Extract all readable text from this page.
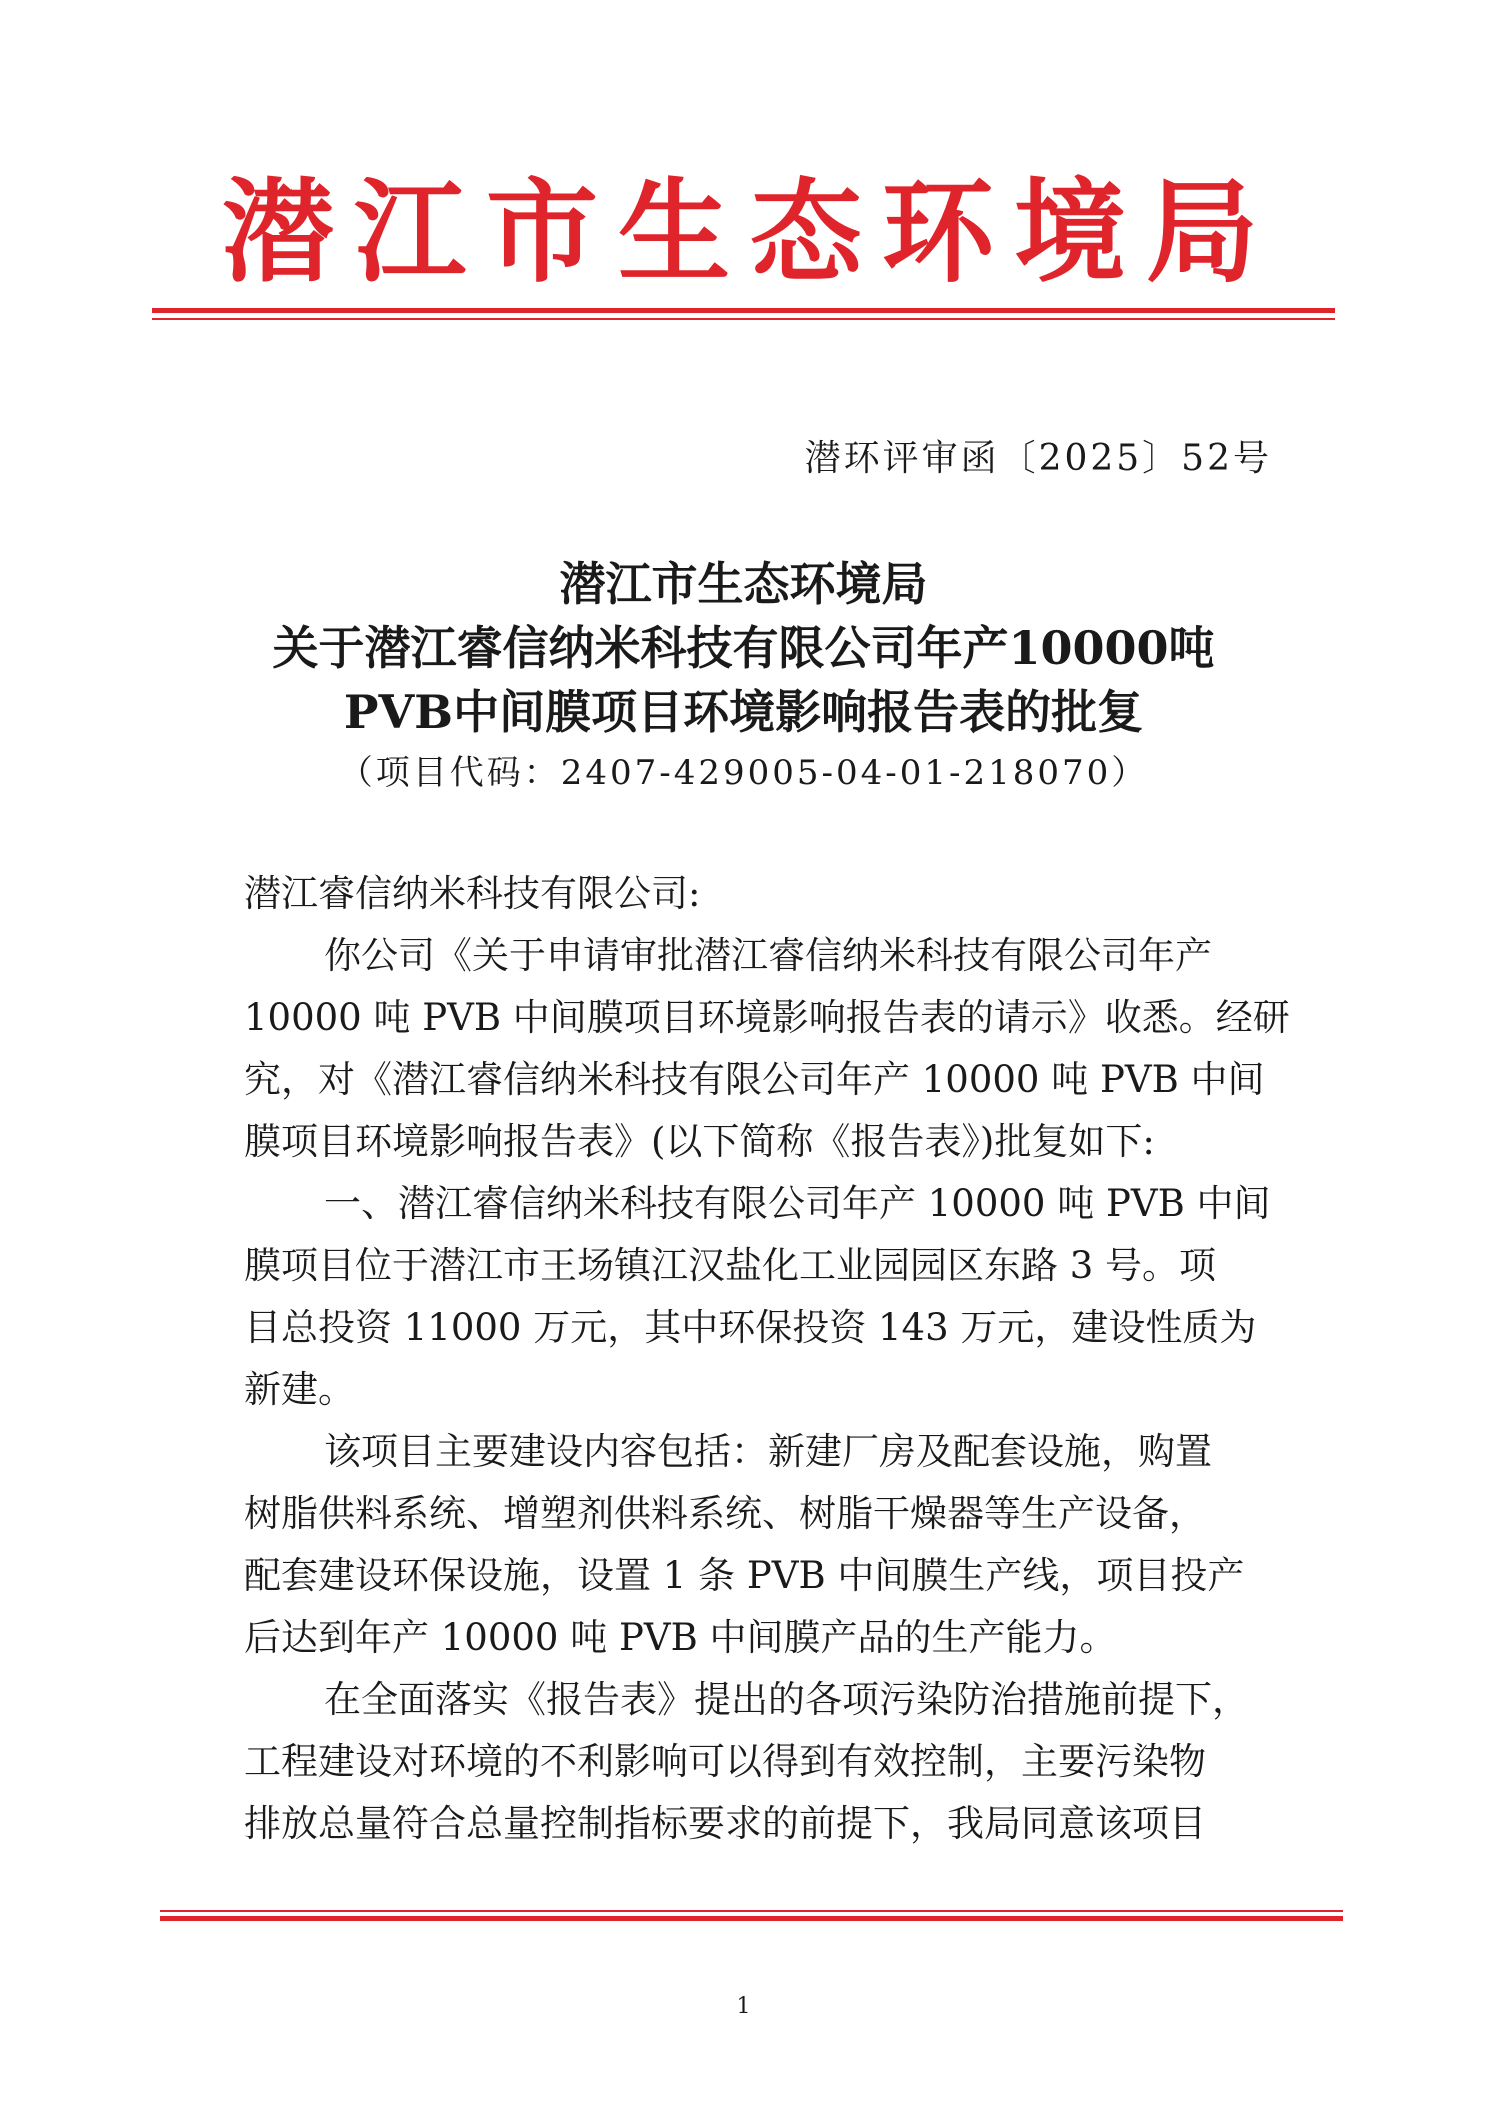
潜江市生态环境局
潜环评审函〔2025〕52号
潜江市生态环境局
关于潜江睿信纳米科技有限公司年产10000吨
PVB中间膜项目环境影响报告表的批复
（项目代码：2407-429005-04-01-218070）
潜江睿信纳米科技有限公司:
你公司《关于申请审批潜江睿信纳米科技有限公司年产
10000 吨 PVB 中间膜项目环境影响报告表的请示》收悉。经研
究，对《潜江睿信纳米科技有限公司年产 10000 吨 PVB 中间
膜项目环境影响报告表》(以下简称《报告表》)批复如下:
一、潜江睿信纳米科技有限公司年产 10000 吨 PVB 中间
膜项目位于潜江市王场镇江汉盐化工业园园区东路 3 号。项
目总投资 11000 万元，其中环保投资 143 万元，建设性质为
新建。
该项目主要建设内容包括：新建厂房及配套设施，购置
树脂供料系统、增塑剂供料系统、树脂干燥器等生产设备，
配套建设环保设施，设置 1 条 PVB 中间膜生产线，项目投产
后达到年产 10000 吨 PVB 中间膜产品的生产能力。
在全面落实《报告表》提出的各项污染防治措施前提下，
工程建设对环境的不利影响可以得到有效控制，主要污染物
排放总量符合总量控制指标要求的前提下，我局同意该项目
1
